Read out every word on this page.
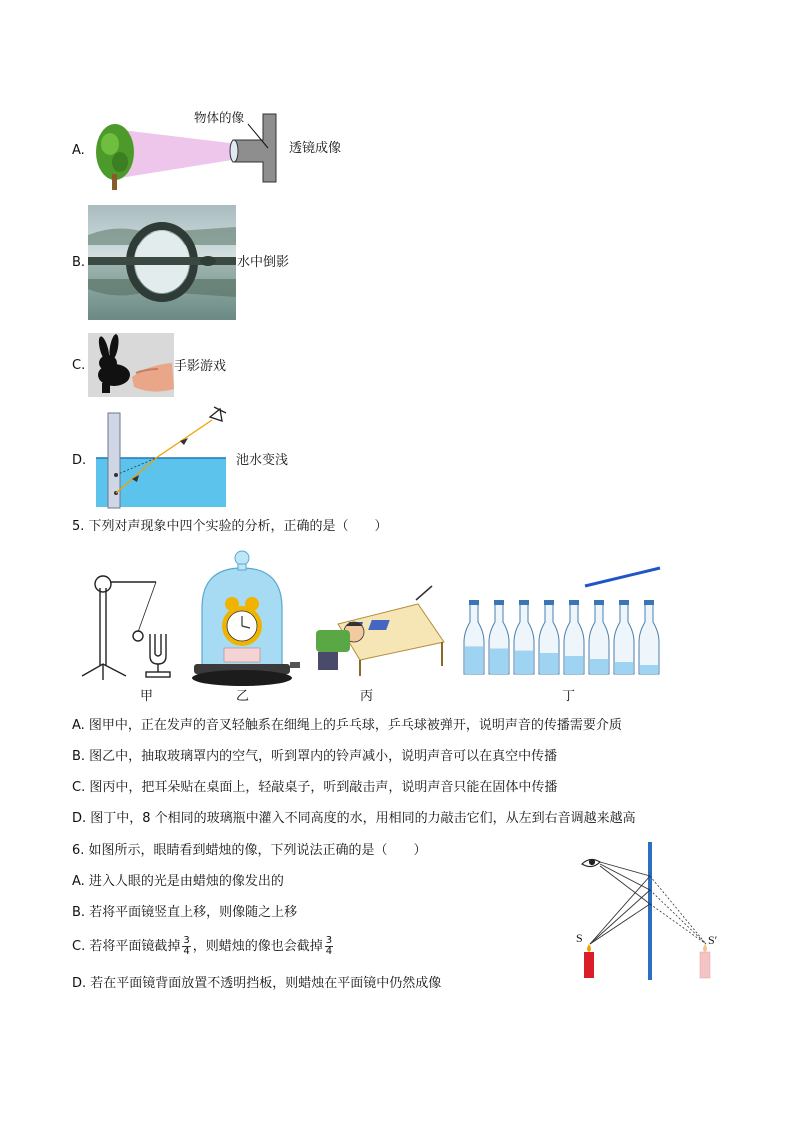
A.
物体的像
透镜成像
B.	水中倒影
C.	手影游戏
D.	池水变浅
5. 下列对声现象中四个实验的分析，正确的是（　　）
甲	乙	丙	丁
A. 图甲中，正在发声的音叉轻触系在细绳上的乒乓球，乒乓球被弹开，说明声音的传播需要介质
B. 图乙中，抽取玻璃罩内的空气，听到罩内的铃声减小，说明声音可以在真空中传播
C. 图丙中，把耳朵贴在桌面上，轻敲桌子，听到敲击声，说明声音只能在固体中传播
D. 图丁中，8 个相同的玻璃瓶中灌入不同高度的水，用相同的力敲击它们，从左到右音调越来越高
6. 如图所示，眼睛看到蜡烛的像，下列说法正确的是（　　）
A. 进入人眼的光是由蜡烛的像发出的
B. 若将平面镜竖直上移，则像随之上移
C. 若将平面镜截掉 $\frac{3}{4}$ ，则蜡烛的像也会截掉 $\frac{3}{4}$
D. 若在平面镜背面放置不透明挡板，则蜡烛在平面镜中仍然成像
S	S′
